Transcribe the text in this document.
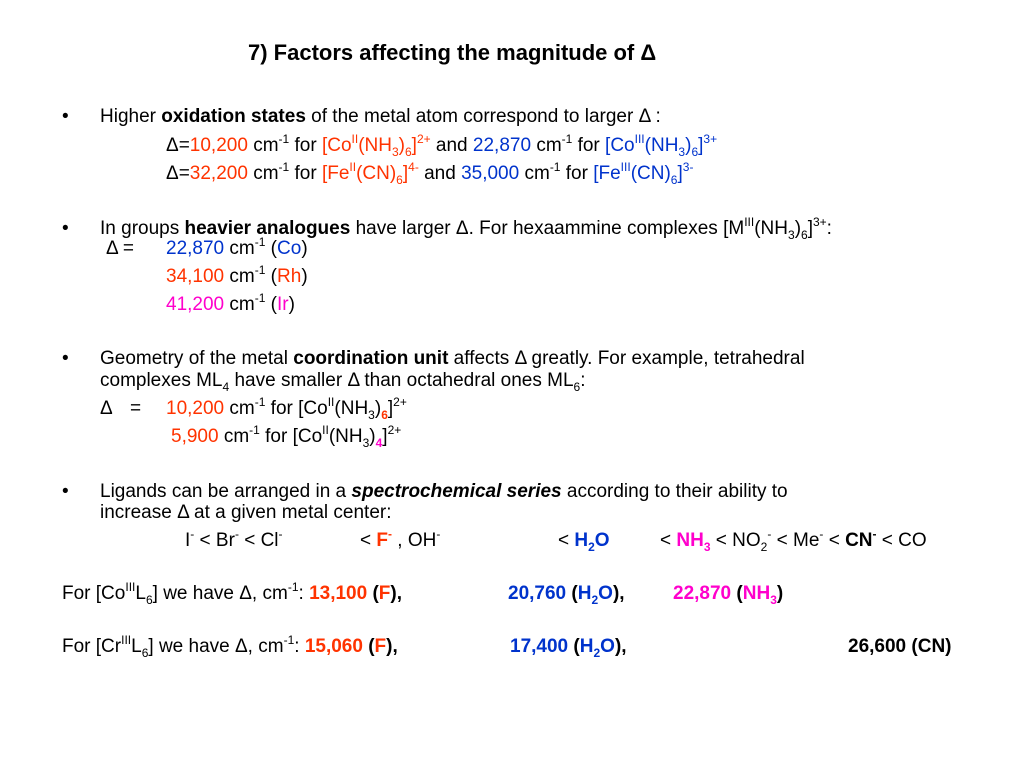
7) Factors affecting the magnitude of Δ
• Higher oxidation states of the metal atom correspond to larger Δ :
Δ=10,200 $cm^{-1}$ for $[Co^{II}(NH_3)_6]^{2+}$ and 22,870 $cm^{-1}$ for $[Co^{III}(NH_3)_6]^{3+}$
Δ=32,200 $cm^{-1}$ for $[Fe^{II}(CN)_6]^{4-}$ and 35,000 $cm^{-1}$ for $[Fe^{III}(CN)_6]^{3-}$
• In groups heavier analogues have larger Δ. For hexaammine complexes $[M^{III}(NH_3)_6]^{3+}$:
Δ = 22,870 $cm^{-1}$ (Co)
34,100 $cm^{-1}$ (Rh)
41,200 $cm^{-1}$ (Ir)
• Geometry of the metal coordination unit affects Δ greatly. For example, tetrahedral
complexes $ML_4$ have smaller Δ than octahedral ones $ML_6$:
Δ = 10,200 $cm^{-1}$ for $[Co^{II}(NH_3)_6]^{2+}$
5,900 $cm^{-1}$ for $[Co^{II}(NH_3)_4]^{2+}$
• Ligands can be arranged in a spectrochemical series according to their ability to
increase Δ at a given metal center:
I- < Br- < Cl-	< F- , OH-	< $H_2O$	< $NH_3 < NO_2^- < Me^- < CN^-$ < CO
For $[Co^{III}L_6]$ we have Δ, $cm^{-1}$: 13,100 (F),	20,760 $(H_2O)$,	22,870 $(NH_3)$
For $[Cr^{III}L_6]$ we have Δ, $cm^{-1}$: 15,060 (F),	17,400 $(H_2O)$,	26,600 (CN)
